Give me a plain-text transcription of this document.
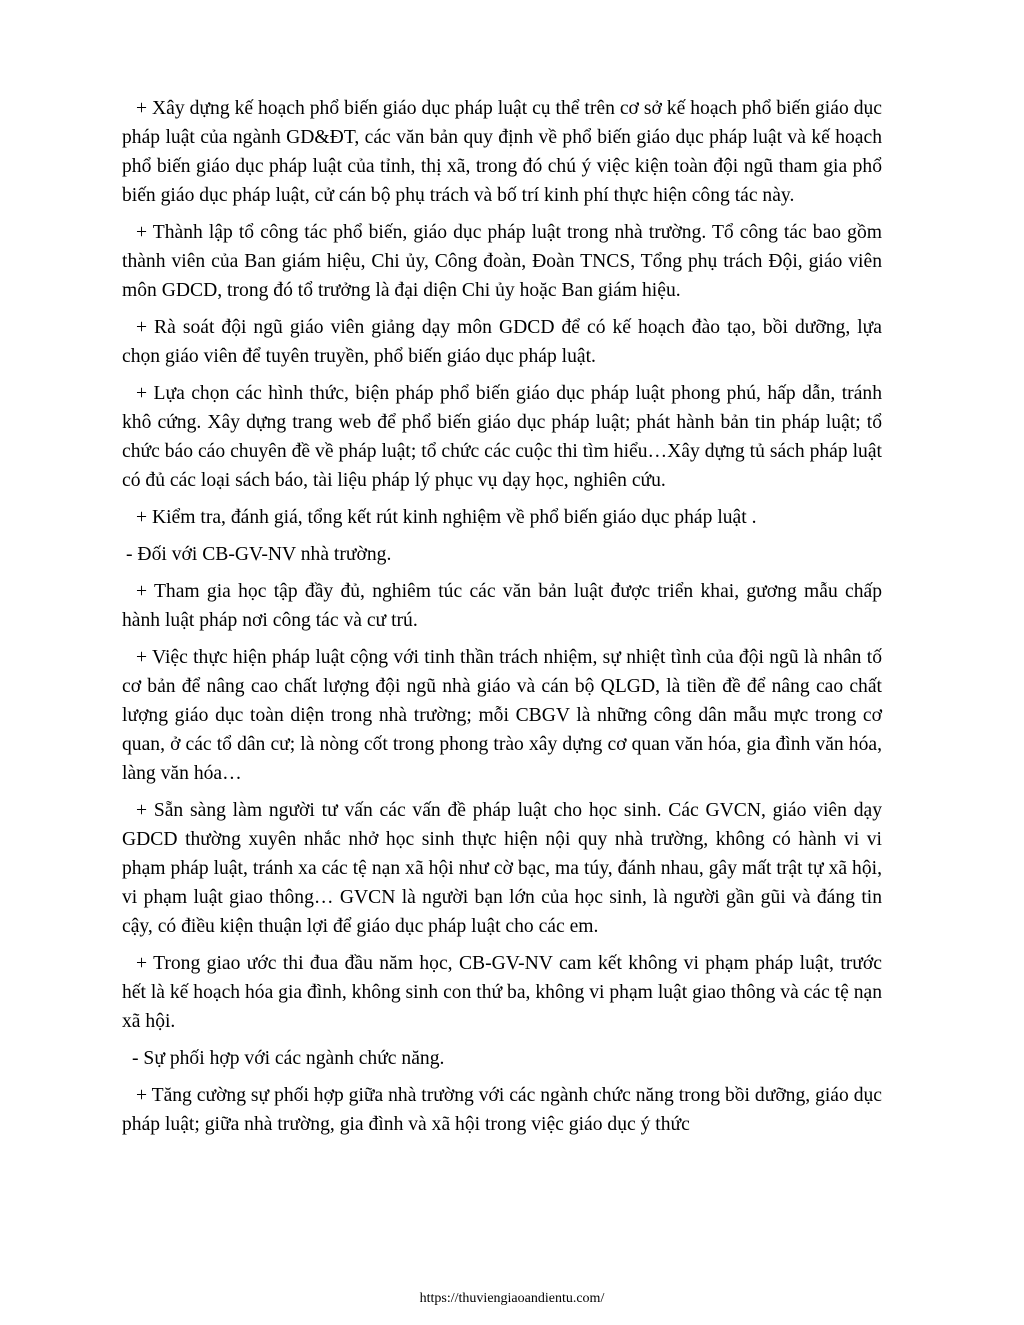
+ Xây dựng kế hoạch phổ biến giáo dục pháp luật cụ thể trên cơ sở kế hoạch phổ biến giáo dục pháp luật của ngành GD&ĐT, các văn bản quy định về phổ biến giáo dục pháp luật và kế hoạch phổ biến giáo dục pháp luật của tỉnh, thị xã, trong đó chú ý việc kiện toàn đội ngũ tham gia phổ biến giáo dục pháp luật, cử cán bộ phụ trách và bố trí kinh phí thực hiện công tác này.

+ Thành lập tổ công tác phổ biến, giáo dục pháp luật trong nhà trường. Tổ công tác bao gồm thành viên của Ban giám hiệu, Chi ủy, Công đoàn, Đoàn TNCS, Tổng phụ trách Đội, giáo viên môn GDCD, trong đó tổ trưởng là đại diện Chi ủy hoặc Ban giám hiệu.

+ Rà soát đội ngũ giáo viên giảng dạy môn GDCD để có kế hoạch đào tạo, bồi dưỡng, lựa chọn giáo viên để tuyên truyền, phổ biến giáo dục pháp luật.

+ Lựa chọn các hình thức, biện pháp phổ biến giáo dục pháp luật phong phú, hấp dẫn, tránh khô cứng. Xây dựng trang web để phổ biến giáo dục pháp luật; phát hành bản tin pháp luật; tổ chức báo cáo chuyên đề về pháp luật; tổ chức các cuộc thi tìm hiểu…Xây dựng tủ sách pháp luật có đủ các loại sách báo, tài liệu pháp lý phục vụ dạy học, nghiên cứu.

+ Kiểm tra, đánh giá, tổng kết rút kinh nghiệm về phổ biến giáo dục pháp luật .

- Đối với CB-GV-NV nhà trường.

+ Tham gia học tập đầy đủ, nghiêm túc các văn bản luật được triển khai, gương mẫu chấp hành luật pháp nơi công tác và cư trú.

+ Việc thực hiện pháp luật cộng với tinh thần trách nhiệm, sự nhiệt tình của đội ngũ là nhân tố cơ bản để nâng cao chất lượng đội ngũ nhà giáo và cán bộ QLGD, là tiền đề để nâng cao chất lượng giáo dục toàn diện trong nhà trường; mỗi CBGV là những công dân mẫu mực trong cơ quan, ở các tổ dân cư; là nòng cốt trong phong trào xây dựng cơ quan văn hóa, gia đình văn hóa, làng văn hóa…

+ Sẵn sàng làm người tư vấn các vấn đề pháp luật cho học sinh. Các GVCN, giáo viên dạy GDCD thường xuyên nhắc nhở học sinh thực hiện nội quy nhà trường, không có hành vi vi phạm pháp luật, tránh xa các tệ nạn xã hội như cờ bạc, ma túy, đánh nhau, gây mất trật tự xã hội, vi phạm luật giao thông… GVCN là người bạn lớn của học sinh, là người gần gũi và đáng tin cậy, có điều kiện thuận lợi để giáo dục pháp luật cho các em.

+ Trong giao ước thi đua đầu năm học, CB-GV-NV cam kết không vi phạm pháp luật, trước hết là kế hoạch hóa gia đình, không sinh con thứ ba, không vi phạm luật giao thông và các tệ nạn xã hội.

- Sự phối hợp với các ngành chức năng.

+ Tăng cường sự phối hợp giữa nhà trường với các ngành chức năng trong bồi dưỡng, giáo dục pháp luật; giữa nhà trường, gia đình và xã hội trong việc giáo dục ý thức

https://thuviengiaoandientu.com/
